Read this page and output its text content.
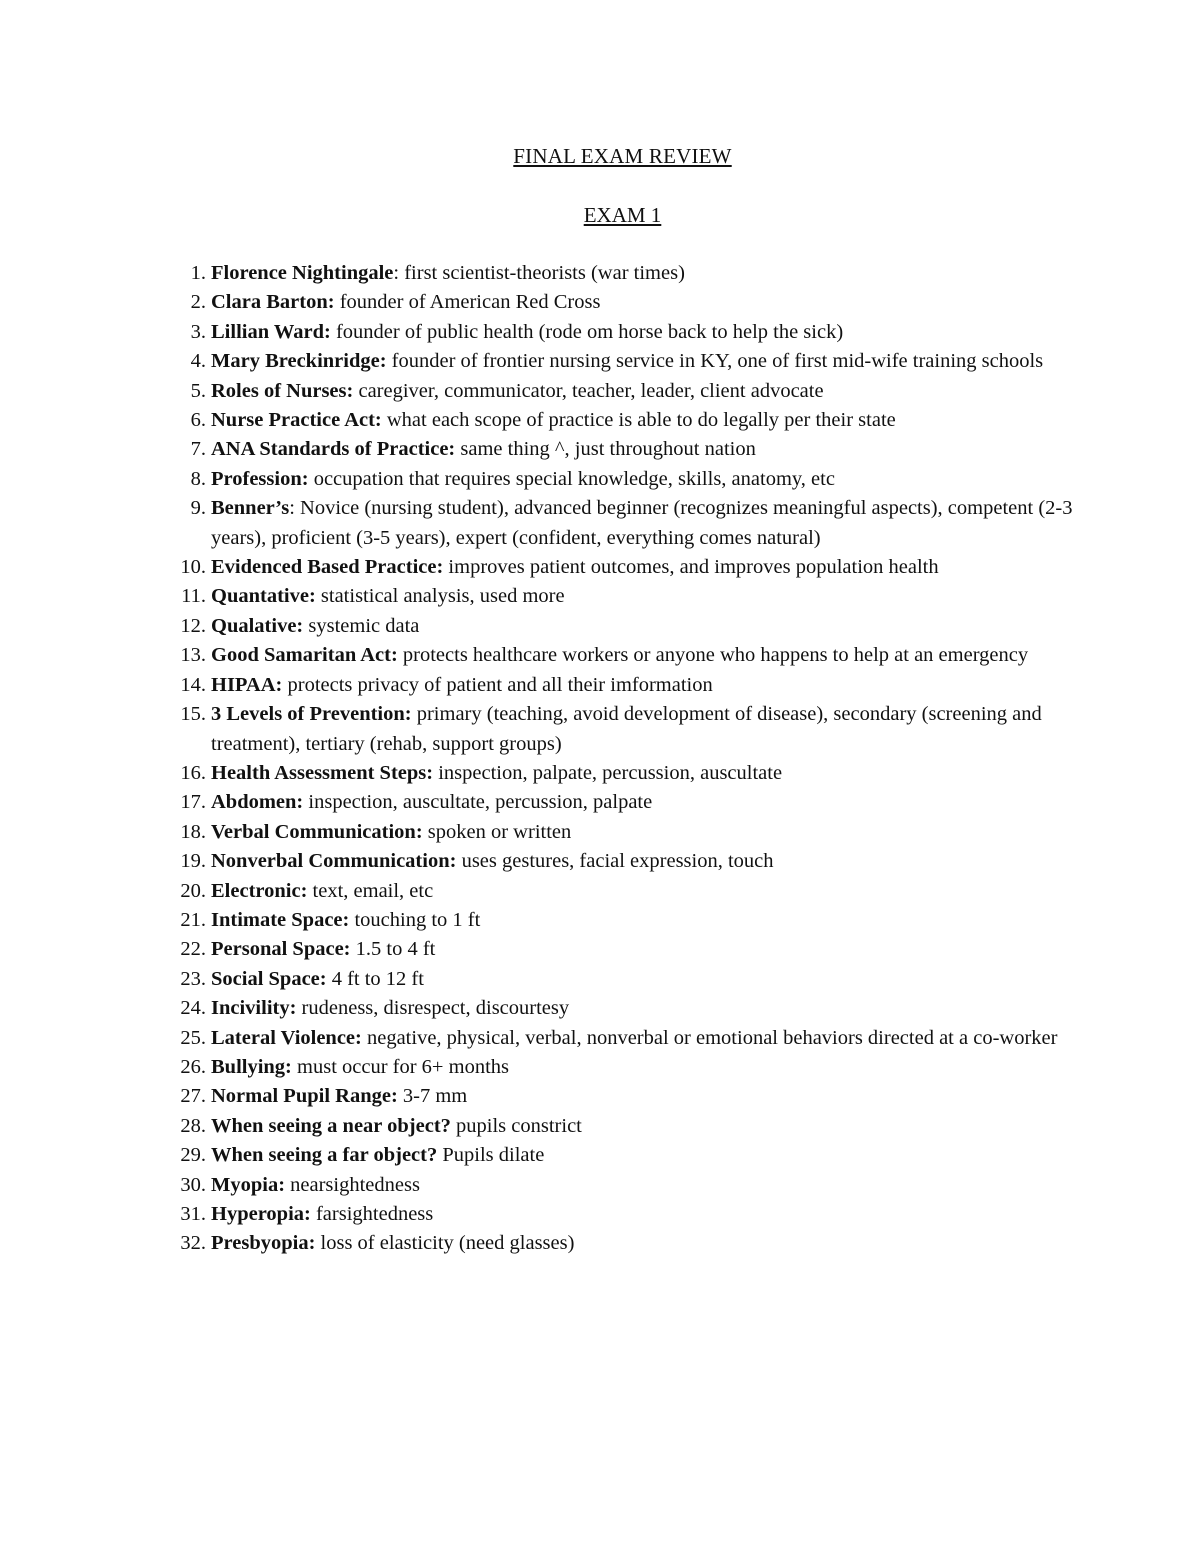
FINAL EXAM REVIEW
EXAM 1
1. Florence Nightingale: first scientist-theorists (war times)
2. Clara Barton: founder of American Red Cross
3. Lillian Ward: founder of public health (rode om horse back to help the sick)
4. Mary Breckinridge: founder of frontier nursing service in KY, one of first mid-wife training schools
5. Roles of Nurses: caregiver, communicator, teacher, leader, client advocate
6. Nurse Practice Act: what each scope of practice is able to do legally per their state
7. ANA Standards of Practice: same thing ^, just throughout nation
8. Profession: occupation that requires special knowledge, skills, anatomy, etc
9. Benner’s: Novice (nursing student), advanced beginner (recognizes meaningful aspects), competent (2-3 years), proficient (3-5 years), expert (confident, everything comes natural)
10. Evidenced Based Practice: improves patient outcomes, and improves population health
11. Quantative: statistical analysis, used more
12. Qualative: systemic data
13. Good Samaritan Act: protects healthcare workers or anyone who happens to help at an emergency
14. HIPAA: protects privacy of patient and all their imformation
15. 3 Levels of Prevention: primary (teaching, avoid development of disease), secondary (screening and treatment), tertiary (rehab, support groups)
16. Health Assessment Steps: inspection, palpate, percussion, auscultate
17. Abdomen: inspection, auscultate, percussion, palpate
18. Verbal Communication: spoken or written
19. Nonverbal Communication: uses gestures, facial expression, touch
20. Electronic: text, email, etc
21. Intimate Space: touching to 1 ft
22. Personal Space: 1.5 to 4 ft
23. Social Space: 4 ft to 12 ft
24. Incivility: rudeness, disrespect, discourtesy
25. Lateral Violence: negative, physical, verbal, nonverbal or emotional behaviors directed at a co-worker
26. Bullying: must occur for 6+ months
27. Normal Pupil Range: 3-7 mm
28. When seeing a near object? pupils constrict
29. When seeing a far object? Pupils dilate
30. Myopia: nearsightedness
31. Hyperopia: farsightedness
32. Presbyopia: loss of elasticity (need glasses)
